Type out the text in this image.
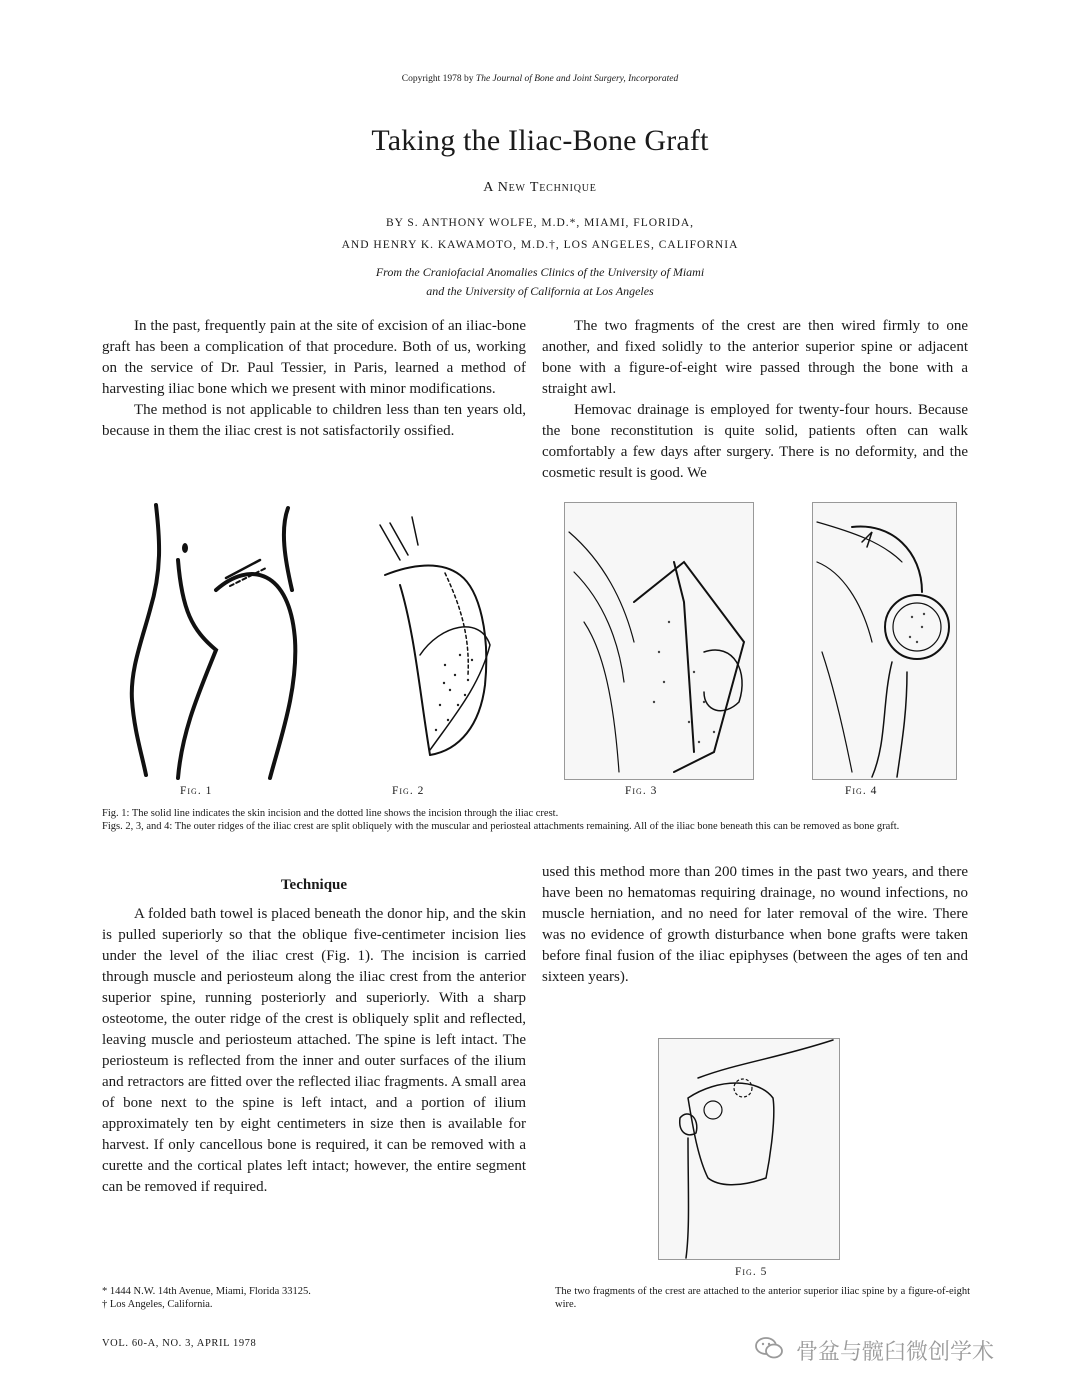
Copyright 1978 by The Journal of Bone and Joint Surgery, Incorporated
Taking the Iliac-Bone Graft
A New Technique
BY S. ANTHONY WOLFE, M.D.*, MIAMI, FLORIDA,
AND HENRY K. KAWAMOTO, M.D.†, LOS ANGELES, CALIFORNIA
From the Craniofacial Anomalies Clinics of the University of Miami
and the University of California at Los Angeles

In the past, frequently pain at the site of excision of an iliac-bone graft has been a complication of that procedure. Both of us, working on the service of Dr. Paul Tessier, in Paris, learned a method of harvesting iliac bone which we present with minor modifications.

The method is not applicable to children less than ten years old, because in them the iliac crest is not satisfactorily ossified.

The two fragments of the crest are then wired firmly to one another, and fixed solidly to the anterior superior spine or adjacent bone with a figure-of-eight wire passed through the bone with a straight awl.

Hemovac drainage is employed for twenty-four hours. Because the bone reconstitution is quite solid, patients often can walk comfortably a few days after surgery. There is no deformity, and the cosmetic result is good. We

Fig. 1	Fig. 2	Fig. 3	Fig. 4
Fig. 1: The solid line indicates the skin incision and the dotted line shows the incision through the iliac crest.
Figs. 2, 3, and 4: The outer ridges of the iliac crest are split obliquely with the muscular and periosteal attachments remaining. All of the iliac bone beneath this can be removed as bone graft.

Technique

A folded bath towel is placed beneath the donor hip, and the skin is pulled superiorly so that the oblique five-centimeter incision lies under the level of the iliac crest (Fig. 1). The incision is carried through muscle and periosteum along the iliac crest from the anterior superior spine, running posteriorly and superiorly. With a sharp osteotome, the outer ridge of the crest is obliquely split and reflected, leaving muscle and periosteum attached. The spine is left intact. The periosteum is reflected from the inner and outer surfaces of the ilium and retractors are fitted over the reflected iliac fragments. A small area of bone next to the spine is left intact, and a portion of ilium approximately ten by eight centimeters in size then is available for harvest. If only cancellous bone is required, it can be removed with a curette and the cortical plates left intact; however, the entire segment can be removed if required.

used this method more than 200 times in the past two years, and there have been no hematomas requiring drainage, no wound infections, no muscle herniation, and no need for later removal of the wire. There was no evidence of growth disturbance when bone grafts were taken before final fusion of the iliac epiphyses (between the ages of ten and sixteen years).

Fig. 5
The two fragments of the crest are attached to the anterior superior iliac spine by a figure-of-eight wire.
* 1444 N.W. 14th Avenue, Miami, Florida 33125.
† Los Angeles, California.
VOL. 60-A, NO. 3, APRIL 1978	骨盆与髋臼微创学术
